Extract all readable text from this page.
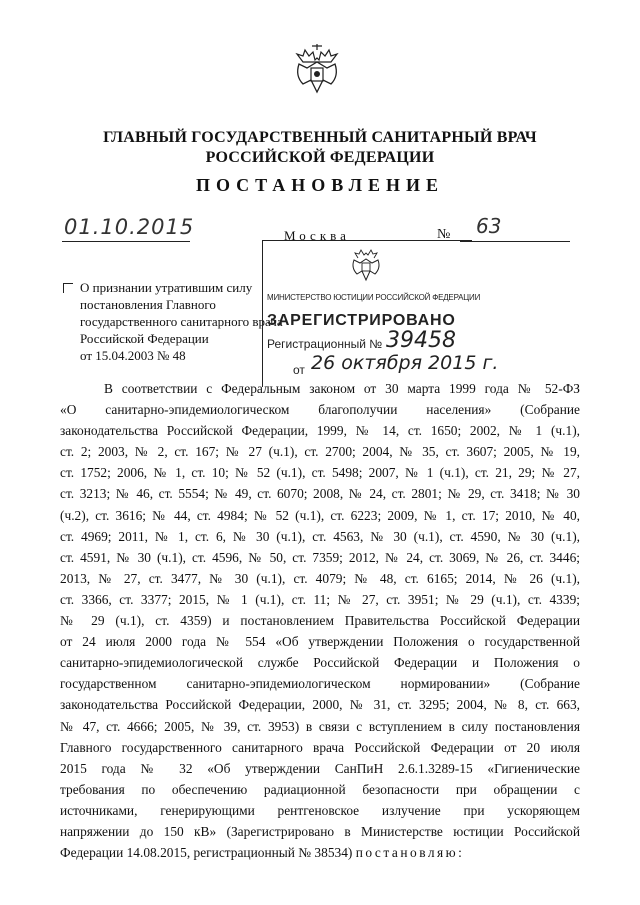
ГЛАВНЫЙ ГОСУДАРСТВЕННЫЙ САНИТАРНЫЙ ВРАЧ
РОССИЙСКОЙ ФЕДЕРАЦИИ
ПОСТАНОВЛЕНИЕ
01.10.2015	Москва	№ 63
О признании утратившим силу
постановления Главного
государственного санитарного врача
Российской Федерации
от 15.04.2003 № 48
МИНИСТЕРСТВО ЮСТИЦИИ РОССИЙСКОЙ ФЕДЕРАЦИИ
ЗАРЕГИСТРИРОВАНО
Регистрационный № 39458
от 26 октября 2015 г.
В соответствии с Федеральным законом от 30 марта 1999 года № 52-ФЗ
«О санитарно-эпидемиологическом благополучии населения» (Собрание
законодательства Российской Федерации, 1999, № 14, ст. 1650; 2002, № 1 (ч.1),
ст. 2; 2003, № 2, ст. 167; № 27 (ч.1), ст. 2700; 2004, № 35, ст. 3607; 2005, № 19,
ст. 1752; 2006, № 1, ст. 10; № 52 (ч.1), ст. 5498; 2007, № 1 (ч.1), ст. 21, 29; № 27,
ст. 3213; № 46, ст. 5554; № 49, ст. 6070; 2008, № 24, ст. 2801; № 29, ст. 3418; № 30
(ч.2), ст. 3616; № 44, ст. 4984; № 52 (ч.1), ст. 6223; 2009, № 1, ст. 17; 2010, № 40,
ст. 4969; 2011, № 1, ст. 6, № 30 (ч.1), ст. 4563, № 30 (ч.1), ст. 4590, № 30 (ч.1),
ст. 4591, № 30 (ч.1), ст. 4596, № 50, ст. 7359; 2012, № 24, ст. 3069, № 26, ст. 3446;
2013, № 27, ст. 3477, № 30 (ч.1), ст. 4079; № 48, ст. 6165; 2014, № 26 (ч.1),
ст. 3366, ст. 3377; 2015, № 1 (ч.1), ст. 11; № 27, ст. 3951; № 29 (ч.1), ст. 4339;
№ 29 (ч.1), ст. 4359) и постановлением Правительства Российской Федерации
от 24 июля 2000 года № 554 «Об утверждении Положения о государственной
санитарно-эпидемиологической службе Российской Федерации и Положения о
государственном санитарно-эпидемиологическом нормировании» (Собрание
законодательства Российской Федерации, 2000, № 31, ст. 3295; 2004, № 8, ст. 663,
№ 47, ст. 4666; 2005, № 39, ст. 3953) в связи с вступлением в силу постановления
Главного государственного санитарного врача Российской Федерации от 20 июля
2015 года № 32 «Об утверждении СанПиН 2.6.1.3289-15 «Гигиенические
требования по обеспечению радиационной безопасности при обращении с
источниками, генерирующими рентгеновское излучение при ускоряющем
напряжении до 150 кВ» (Зарегистрировано в Министерстве юстиции Российской
Федерации 14.08.2015, регистрационный № 38534) постановляю:
